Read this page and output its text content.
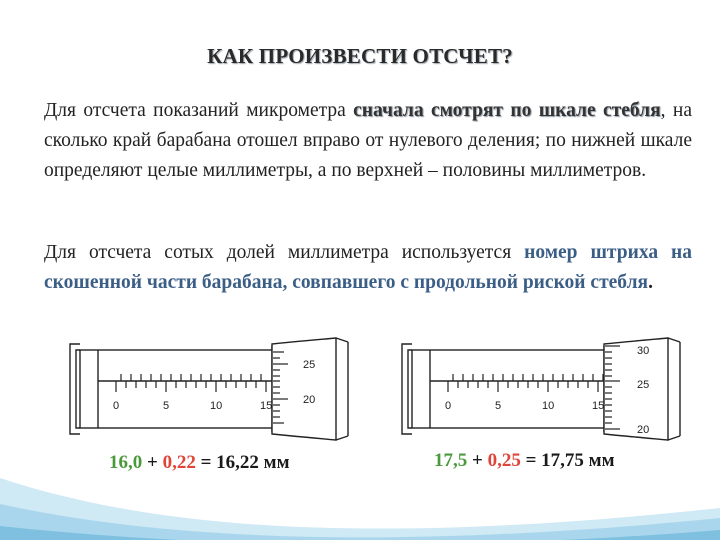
КАК ПРОИЗВЕСТИ ОТСЧЕТ?
Для отсчета показаний микрометра сначала смотрят по шкале стебля, на сколько край барабана отошел вправо от нулевого деления; по нижней шкале определяют целые миллиметры, а по верхней – половины миллиметров.
Для отсчета сотых долей миллиметра используется номер штриха на скошенной части барабана, совпавшего с продольной риской стебля.
0	5	10	15
25
20	0	5	10	15
30
25
20
16,0 + 0,22 = 16,22 мм	17,5 + 0,25 = 17,75 мм
